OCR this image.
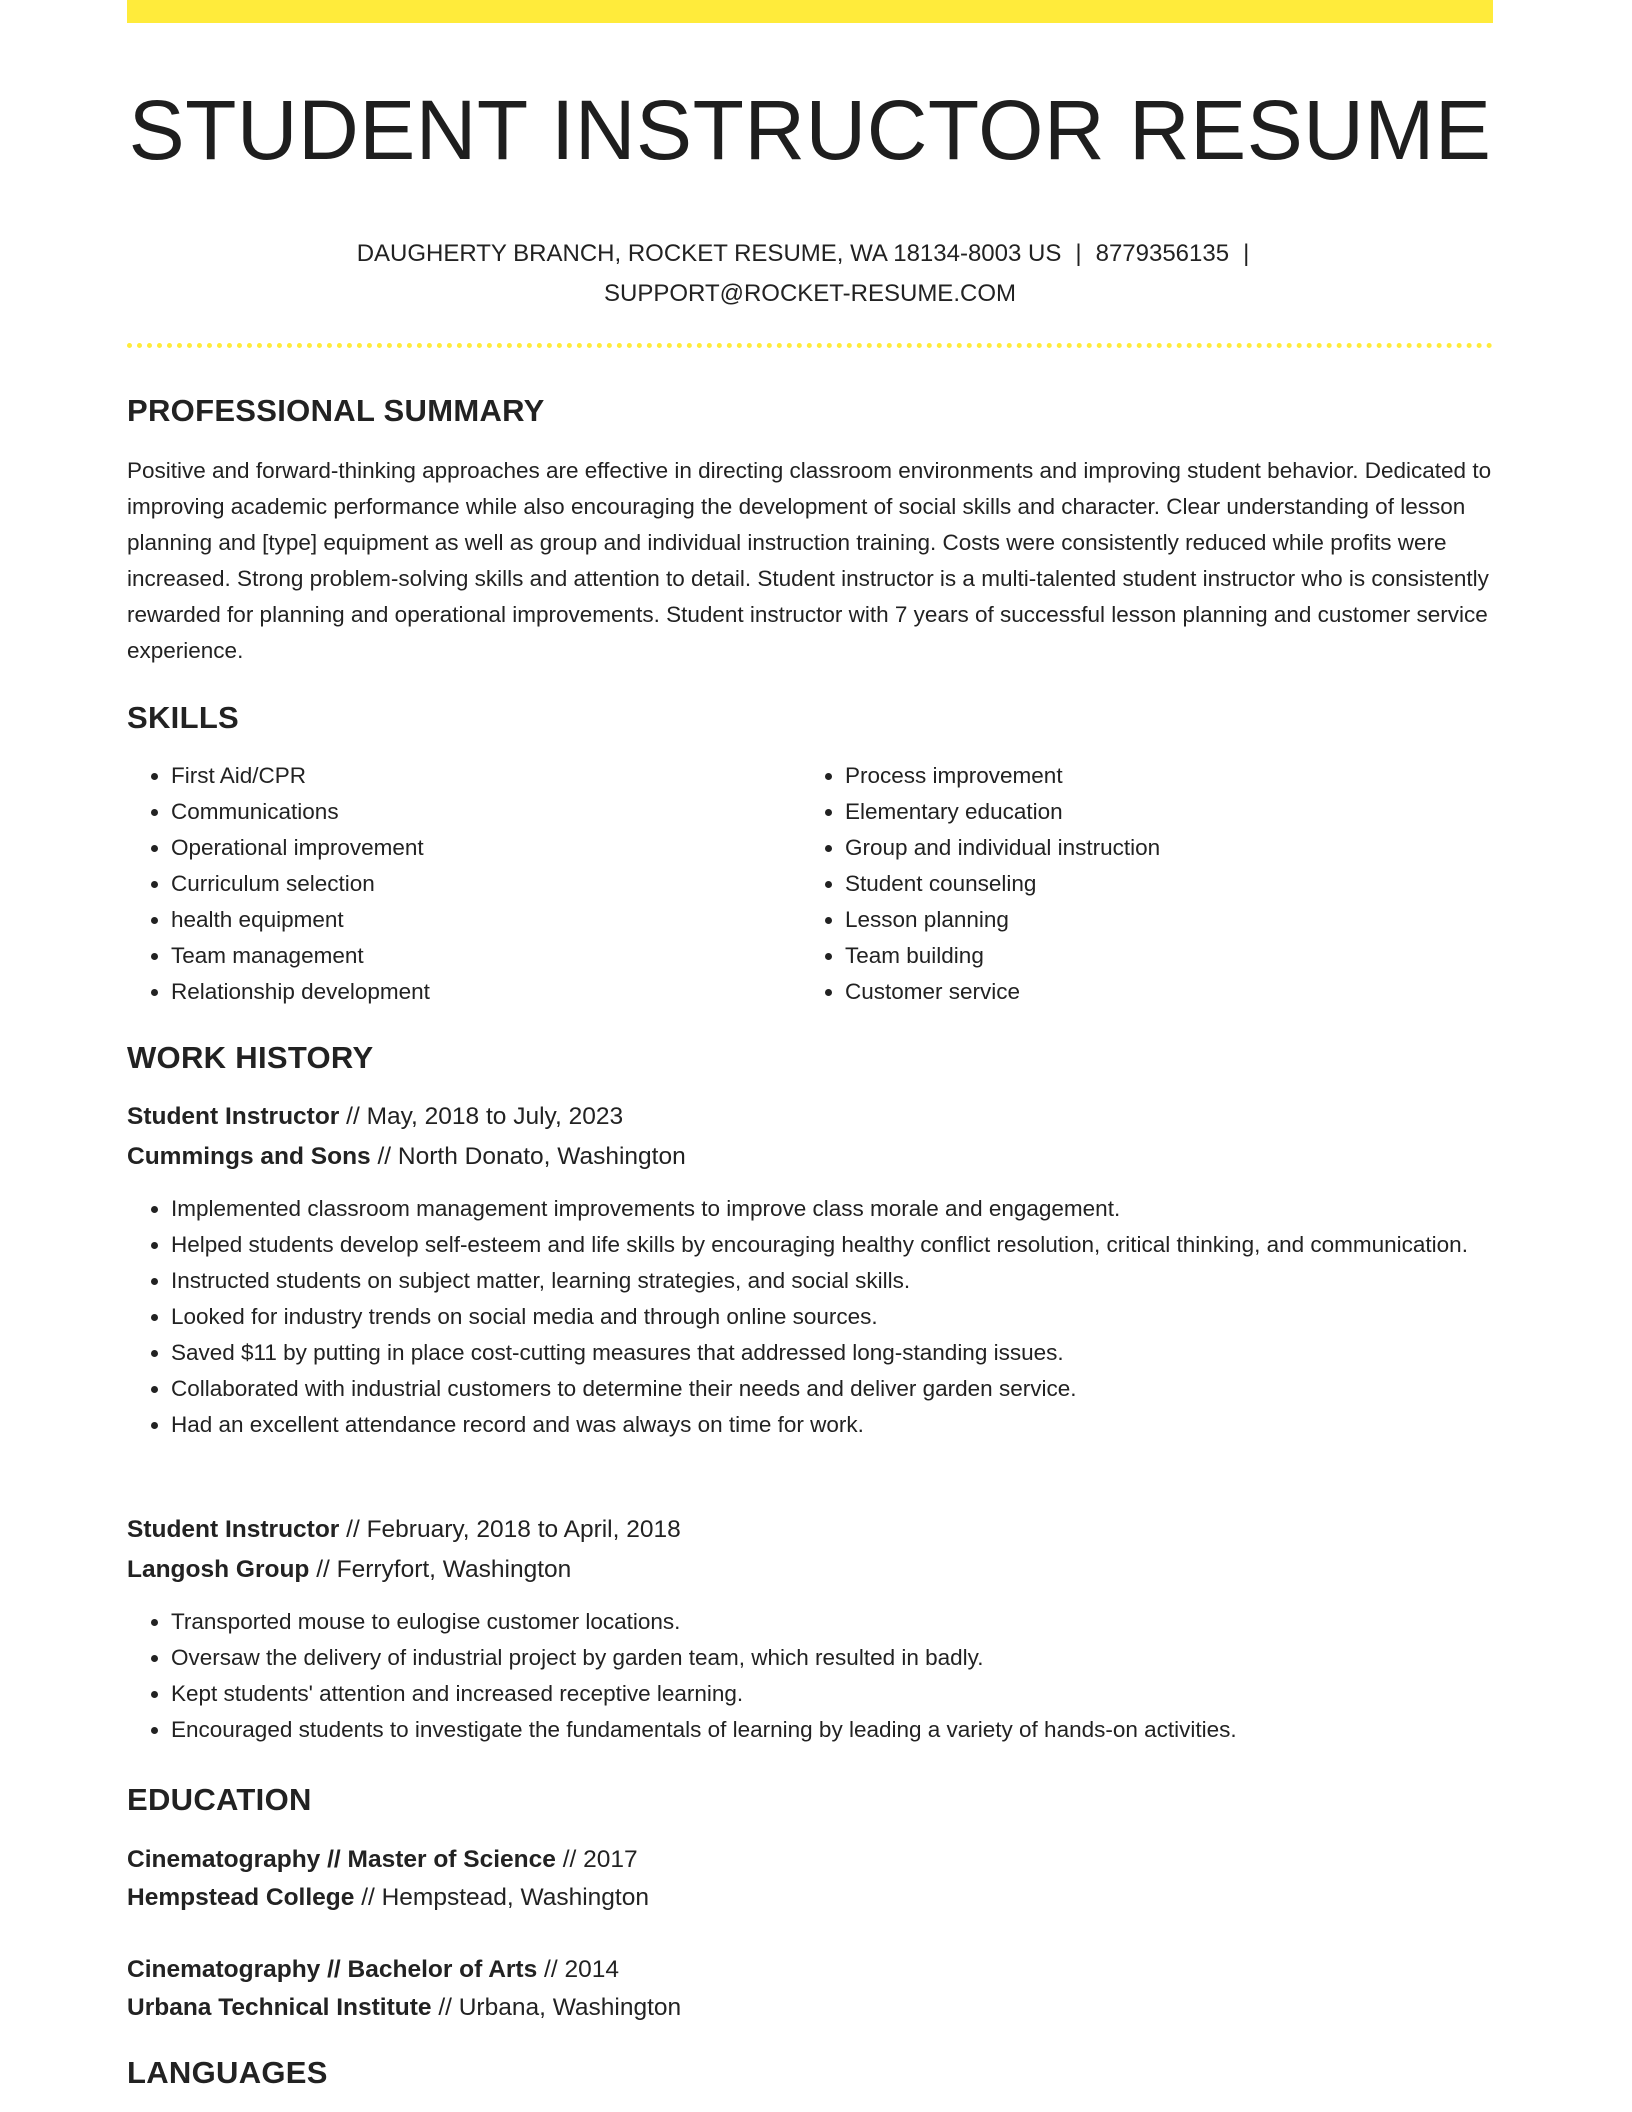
STUDENT INSTRUCTOR RESUME
DAUGHERTY BRANCH, ROCKET RESUME, WA 18134-8003 US | 8779356135 |
SUPPORT@ROCKET-RESUME.COM
PROFESSIONAL SUMMARY

Positive and forward-thinking approaches are effective in directing classroom environments and improving student behavior. Dedicated to improving academic performance while also encouraging the development of social skills and character. Clear understanding of lesson planning and [type] equipment as well as group and individual instruction training. Costs were consistently reduced while profits were increased. Strong problem-solving skills and attention to detail. Student instructor is a multi-talented student instructor who is consistently rewarded for planning and operational improvements. Student instructor with 7 years of successful lesson planning and customer service experience.

SKILLS
• First Aid/CPR
• Communications
• Operational improvement
• Curriculum selection
• health equipment
• Team management
• Relationship development
• Process improvement
• Elementary education
• Group and individual instruction
• Student counseling
• Lesson planning
• Team building
• Customer service
WORK HISTORY
Student Instructor // May, 2018 to July, 2023
Cummings and Sons // North Donato, Washington
• Implemented classroom management improvements to improve class morale and engagement.
• Helped students develop self-esteem and life skills by encouraging healthy conflict resolution, critical thinking, and communication.
• Instructed students on subject matter, learning strategies, and social skills.
• Looked for industry trends on social media and through online sources.
• Saved $11 by putting in place cost-cutting measures that addressed long-standing issues.
• Collaborated with industrial customers to determine their needs and deliver garden service.
• Had an excellent attendance record and was always on time for work.
Student Instructor // February, 2018 to April, 2018
Langosh Group // Ferryfort, Washington
• Transported mouse to eulogise customer locations.
• Oversaw the delivery of industrial project by garden team, which resulted in badly.
• Kept students' attention and increased receptive learning.
• Encouraged students to investigate the fundamentals of learning by leading a variety of hands-on activities.
EDUCATION
Cinematography // Master of Science // 2017
Hempstead College // Hempstead, Washington
Cinematography // Bachelor of Arts // 2014
Urbana Technical Institute // Urbana, Washington
LANGUAGES
